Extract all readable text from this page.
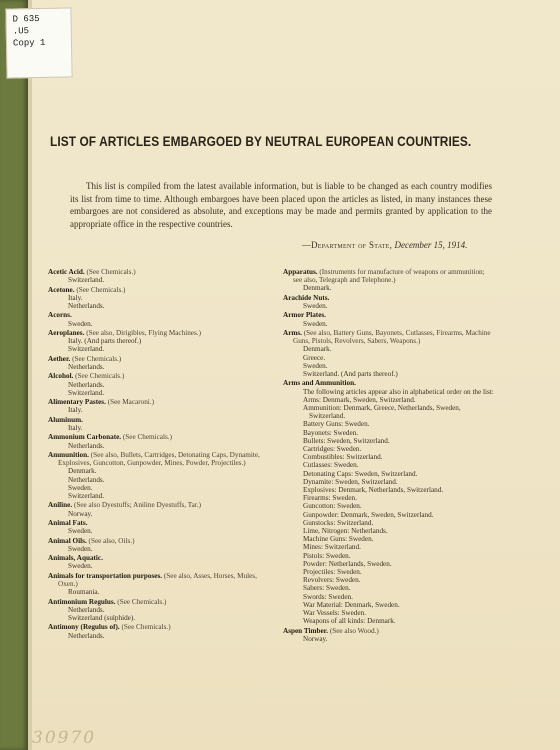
D 635
.U5
Copy 1
LIST OF ARTICLES EMBARGOED BY NEUTRAL EUROPEAN COUNTRIES.
This list is compiled from the latest available information, but is liable to be changed as each country modifies its list from time to time. Although embargoes have been placed upon the articles as listed, in many instances these embargoes are not considered as absolute, and exceptions may be made and permits granted by application to the appropriate office in the respective countries.
—Department of State, December 15, 1914.
Acetic Acid. (See Chemicals.)
Switzerland.
Acetone. (See Chemicals.)
Italy.
Netherlands.
Acorns.
Sweden.
Aeroplanes. (See also, Dirigibles, Flying Machines.)
Italy. (And parts thereof.)
Switzerland.
Aether. (See Chemicals.)
Netherlands.
Alcohol. (See Chemicals.)
Netherlands.
Switzerland.
Alimentary Pastes. (See Macaroni.)
Italy.
Aluminum.
Italy.
Ammonium Carbonate. (See Chemicals.)
Netherlands.
Ammunition. (See also, Bullets, Cartridges, Detonating Caps, Dynamite, Explosives, Guncotton, Gunpowder, Mines, Powder, Projectiles.)
Denmark.
Netherlands.
Sweden.
Switzerland.
Aniline. (See also Dyestuffs; Aniline Dyestuffs, Tar.)
Norway.
Animal Fats.
Sweden.
Animal Oils. (See also, Oils.)
Sweden.
Animals, Aquatic.
Sweden.
Animals for transportation purposes. (See also, Asses, Horses, Mules, Oxen.)
Roumania.
Antimonium Regulus. (See Chemicals.)
Netherlands.
Switzerland (sulphide).
Antimony (Regulus of). (See Chemicals.)
Netherlands.
Apparatus. (Instruments for manufacture of weapons or ammunition; see also, Telegraph and Telephone.)
Denmark.
Arachide Nuts.
Sweden.
Armor Plates.
Sweden.
Arms. (See also, Battery Guns, Bayonets, Cutlasses, Firearms, Machine Guns, Pistols, Revolvers, Sabers, Weapons.)
Denmark.
Greece.
Sweden.
Switzerland. (And parts thereof.)
Arms and Ammunition.
The following articles appear also in alphabetical order on the list:
Arms: Denmark, Sweden, Switzerland.
Ammunition: Denmark, Greece, Netherlands, Sweden, Switzerland.
Battery Guns: Sweden.
Bayonets: Sweden.
Bullets: Sweden, Switzerland.
Cartridges: Sweden.
Combustibles: Switzerland.
Cutlasses: Sweden.
Detonating Caps: Sweden, Switzerland.
Dynamite: Sweden, Switzerland.
Explosives: Denmark, Netherlands, Switzerland.
Firearms: Sweden.
Guncotton: Sweden.
Gunpowder: Denmark, Sweden, Switzerland.
Gunstocks: Switzerland.
Lime, Nitrogen: Netherlands.
Machine Guns: Sweden.
Mines: Switzerland.
Pistols: Sweden.
Powder: Netherlands, Sweden.
Projectiles: Sweden.
Revolvers: Sweden.
Sabers: Sweden.
Swords: Sweden.
War Material: Denmark, Sweden.
War Vessels: Sweden.
Weapons of all kinds: Denmark.
Aspen Timber. (See also Wood.)
Norway.
30970
